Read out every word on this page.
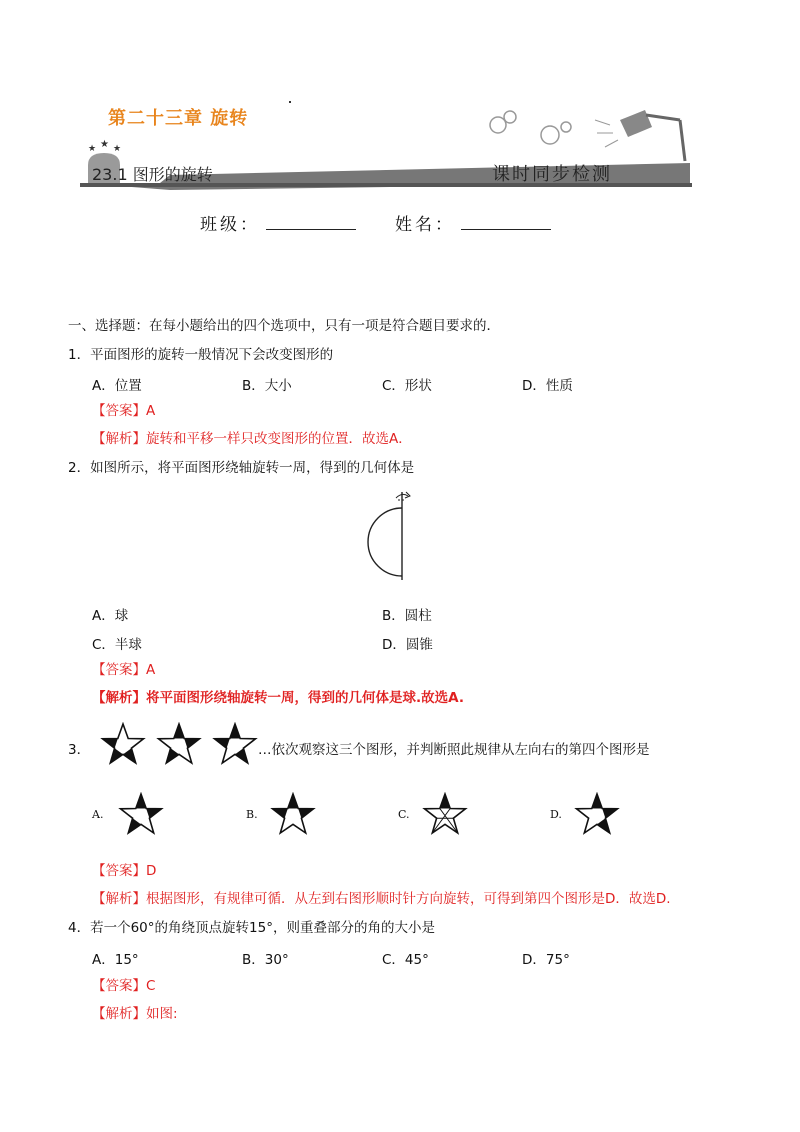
★ ★ ★
第二十三章 旋转
23.1 图形的旋转	课时同步检测
班级：	姓名：
一、选择题：在每小题给出的四个选项中，只有一项是符合题目要求的．
1．平面图形的旋转一般情况下会改变图形的
A．位置	B．大小	C．形状	D．性质
【答案】A
【解析】旋转和平移一样只改变图形的位置．故选A．
2．如图所示，将平面图形绕轴旋转一周，得到的几何体是
A．球	B．圆柱
C．半球	D．圆锥
【答案】A
【解析】将平面图形绕轴旋转一周，得到的几何体是球.故选A.
3．	…依次观察这三个图形，并判断照此规律从左向右的第四个图形是
A.	B.	C.	D.
【答案】D
【解析】根据图形，有规律可循．从左到右图形顺时针方向旋转，可得到第四个图形是D．故选D.
4．若一个60°的角绕顶点旋转15°，则重叠部分的角的大小是
A．15°	B．30°	C．45°	D．75°
【答案】C
【解析】如图:
